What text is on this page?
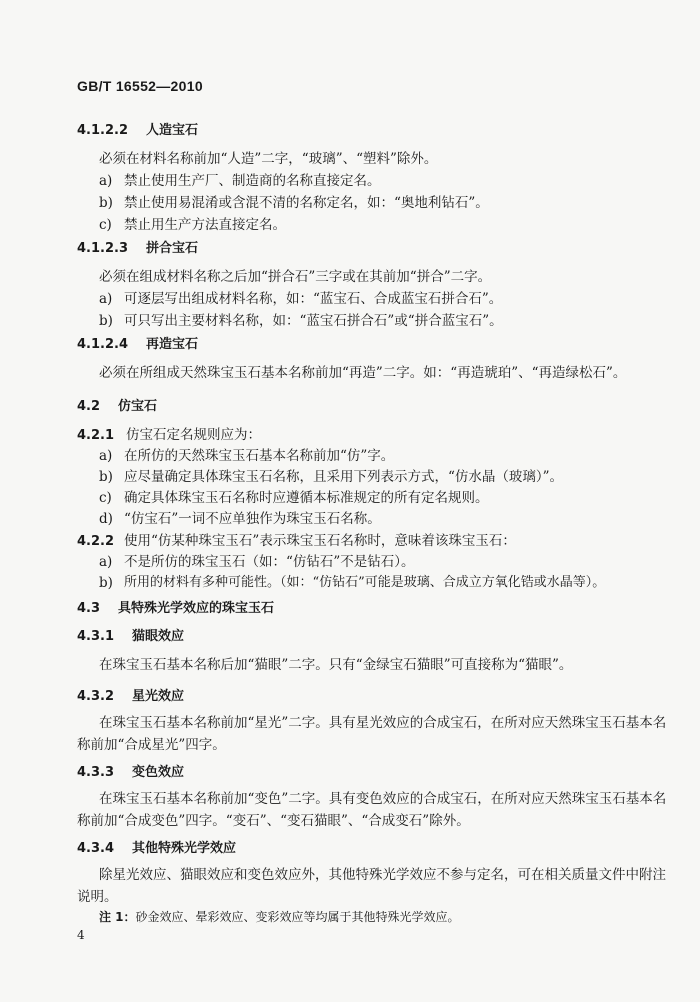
GB/T 16552—2010
4.1.2.2 人造宝石
必须在材料名称前加“人造”二字，“玻璃”、“塑料”除外。
a) 禁止使用生产厂、制造商的名称直接定名。
b) 禁止使用易混淆或含混不清的名称定名，如：“奥地利钻石”。
c) 禁止用生产方法直接定名。
4.1.2.3 拼合宝石
必须在组成材料名称之后加“拼合石”三字或在其前加“拼合”二字。
a) 可逐层写出组成材料名称，如：“蓝宝石、合成蓝宝石拼合石”。
b) 可只写出主要材料名称，如：“蓝宝石拼合石”或“拼合蓝宝石”。
4.1.2.4 再造宝石
必须在所组成天然珠宝玉石基本名称前加“再造”二字。如：“再造琥珀”、“再造绿松石”。
4.2 仿宝石
4.2.1 仿宝石定名规则应为：
a) 在所仿的天然珠宝玉石基本名称前加“仿”字。
b) 应尽量确定具体珠宝玉石名称，且采用下列表示方式，“仿水晶（玻璃）”。
c) 确定具体珠宝玉石名称时应遵循本标准规定的所有定名规则。
d) “仿宝石”一词不应单独作为珠宝玉石名称。
4.2.2 使用“仿某种珠宝玉石”表示珠宝玉石名称时，意味着该珠宝玉石：
a) 不是所仿的珠宝玉石（如：“仿钻石”不是钻石）。
b) 所用的材料有多种可能性。（如：“仿钻石”可能是玻璃、合成立方氧化锆或水晶等）。
4.3 具特殊光学效应的珠宝玉石
4.3.1 猫眼效应
在珠宝玉石基本名称后加“猫眼”二字。只有“金绿宝石猫眼”可直接称为“猫眼”。
4.3.2 星光效应
在珠宝玉石基本名称前加“星光”二字。具有星光效应的合成宝石，在所对应天然珠宝玉石基本名
称前加“合成星光”四字。
4.3.3 变色效应
在珠宝玉石基本名称前加“变色”二字。具有变色效应的合成宝石，在所对应天然珠宝玉石基本名
称前加“合成变色”四字。“变石”、“变石猫眼”、“合成变石”除外。
4.3.4 其他特殊光学效应
除星光效应、猫眼效应和变色效应外，其他特殊光学效应不参与定名，可在相关质量文件中附注
说明。
注 1：砂金效应、晕彩效应、变彩效应等均属于其他特殊光学效应。
4
